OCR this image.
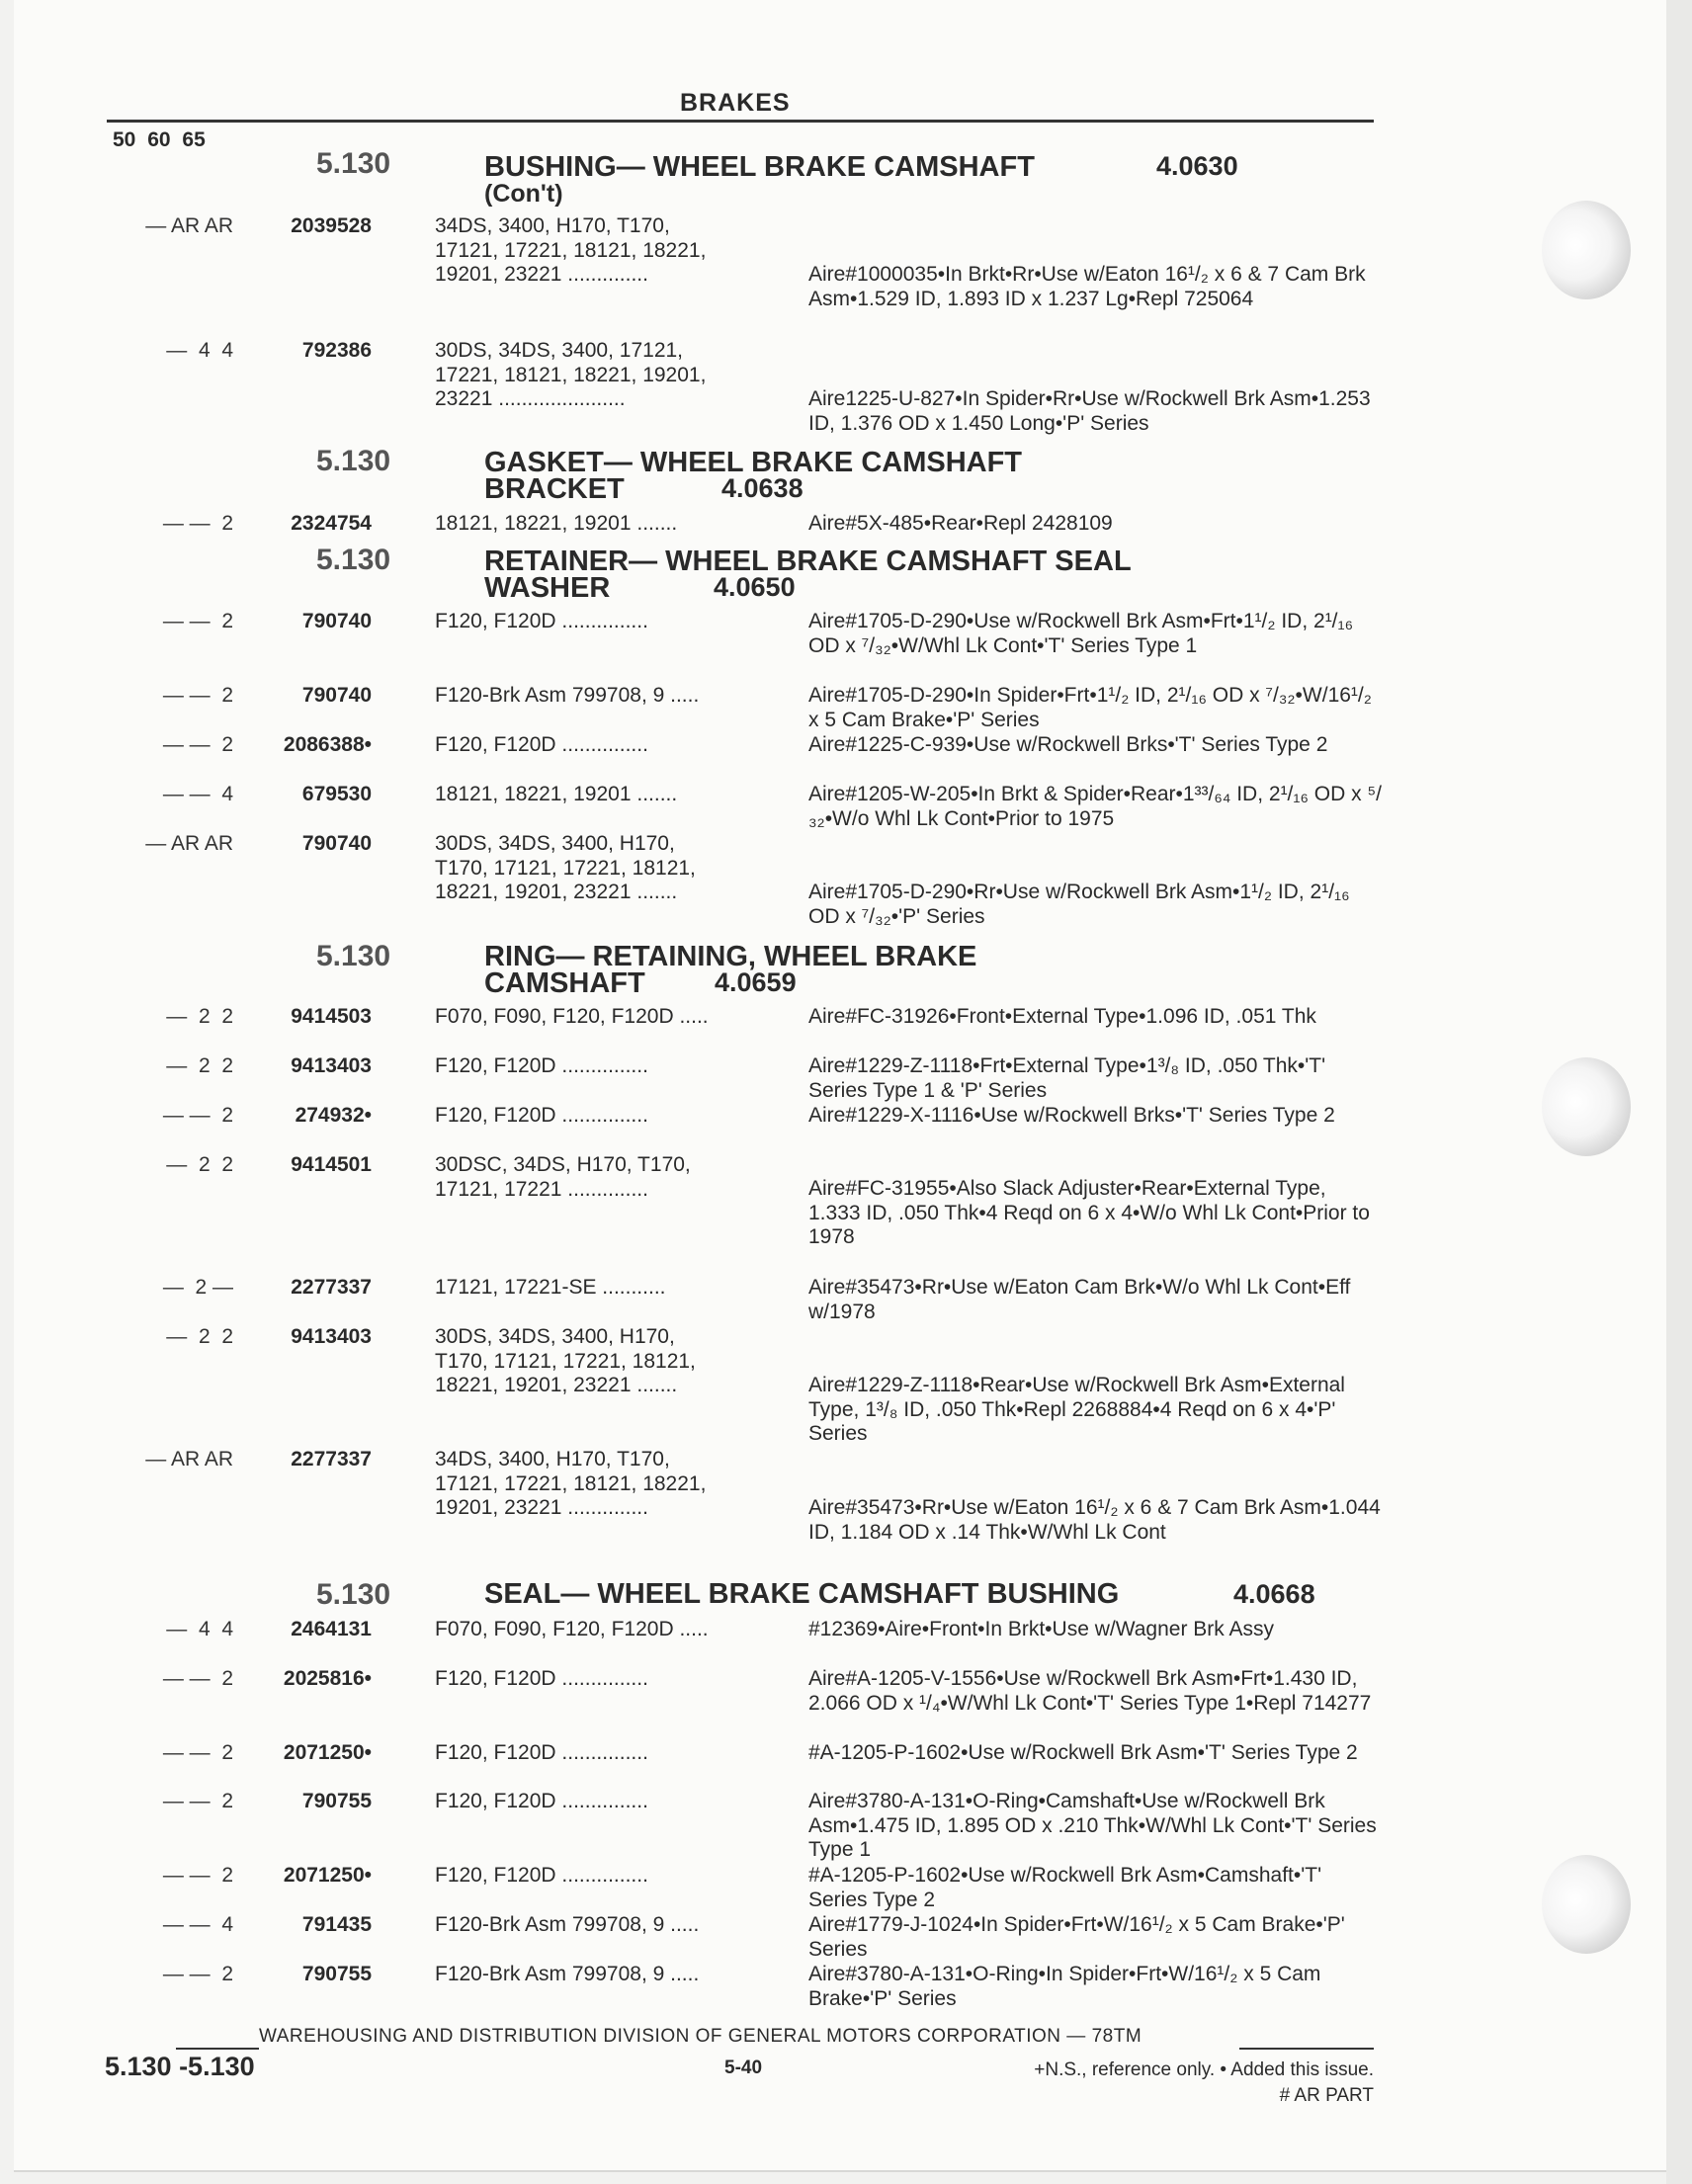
BRAKES
50 60 65
5.130	BUSHING— WHEEL BRAKE CAMSHAFT
(Con't)
4.0630
— AR AR	2039528	34DS, 3400, H170, T170,
17121, 17221, 18121, 18221,
19201, 23221 ..............	Aire#1000035•In Brkt•Rr•Use w/Eaton 16¹/₂ x 6 & 7 Cam Brk Asm•1.529 ID, 1.893 ID x 1.237 Lg•Repl 725064
—  4  4	792386	30DS, 34DS, 3400, 17121,
17221, 18121, 18221, 19201,
23221 ......................	Aire1225-U-827•In Spider•Rr•Use w/Rockwell Brk Asm•1.253 ID, 1.376 OD x 1.450 Long•'P' Series
5.130	GASKET— WHEEL BRAKE CAMSHAFT
BRACKET	4.0638
— —  2	2324754	18121, 18221, 19201 .......	Aire#5X-485•Rear•Repl 2428109
5.130	RETAINER— WHEEL BRAKE CAMSHAFT SEAL
WASHER	4.0650
— —  2	790740	F120, F120D ...............	Aire#1705-D-290•Use w/Rockwell Brk Asm•Frt•1¹/₂ ID, 2¹/₁₆ OD x ⁷/₃₂•W/Whl Lk Cont•'T' Series Type 1
— —  2	790740	F120-Brk Asm 799708, 9 .....	Aire#1705-D-290•In Spider•Frt•1¹/₂ ID, 2¹/₁₆ OD x ⁷/₃₂•W/16¹/₂ x 5 Cam Brake•'P' Series
— —  2	2086388•	F120, F120D ...............	Aire#1225-C-939•Use w/Rockwell Brks•'T' Series Type 2
— —  4	679530	18121, 18221, 19201 .......	Aire#1205-W-205•In Brkt & Spider•Rear•1³³/₆₄ ID, 2¹/₁₆ OD x ⁵/₃₂•W/o Whl Lk Cont•Prior to 1975
— AR AR	790740	30DS, 34DS, 3400, H170,
T170, 17121, 17221, 18121,
18221, 19201, 23221 .......	Aire#1705-D-290•Rr•Use w/Rockwell Brk Asm•1¹/₂ ID, 2¹/₁₆ OD x ⁷/₃₂•'P' Series
5.130	RING— RETAINING, WHEEL BRAKE
CAMSHAFT	4.0659
—  2  2	9414503	F070, F090, F120, F120D .....	Aire#FC-31926•Front•External Type•1.096 ID, .051 Thk
—  2  2	9413403	F120, F120D ...............	Aire#1229-Z-1118•Frt•External Type•1³/₈ ID, .050 Thk•'T' Series Type 1 & 'P' Series
— —  2	274932•	F120, F120D ...............	Aire#1229-X-1116•Use w/Rockwell Brks•'T' Series Type 2
—  2  2	9414501	30DSC, 34DS, H170, T170,
17121, 17221 ..............	Aire#FC-31955•Also Slack Adjuster•Rear•External Type, 1.333 ID, .050 Thk•4 Reqd on 6 x 4•W/o Whl Lk Cont•Prior to 1978
—  2 —	2277337	17121, 17221-SE ...........	Aire#35473•Rr•Use w/Eaton Cam Brk•W/o Whl Lk Cont•Eff w/1978
—  2  2	9413403	30DS, 34DS, 3400, H170,
T170, 17121, 17221, 18121,
18221, 19201, 23221 .......	Aire#1229-Z-1118•Rear•Use w/Rockwell Brk Asm•External Type, 1³/₈ ID, .050 Thk•Repl 2268884•4 Reqd on 6 x 4•'P' Series
— AR AR	2277337	34DS, 3400, H170, T170,
17121, 17221, 18121, 18221,
19201, 23221 ..............	Aire#35473•Rr•Use w/Eaton 16¹/₂ x 6 & 7 Cam Brk Asm•1.044 ID, 1.184 OD x .14 Thk•W/Whl Lk Cont
5.130	SEAL— WHEEL BRAKE CAMSHAFT BUSHING	4.0668
—  4  4	2464131	F070, F090, F120, F120D .....	#12369•Aire•Front•In Brkt•Use w/Wagner Brk Assy
— —  2	2025816•	F120, F120D ...............	Aire#A-1205-V-1556•Use w/Rockwell Brk Asm•Frt•1.430 ID, 2.066 OD x ¹/₄•W/Whl Lk Cont•'T' Series Type 1•Repl 714277
— —  2	2071250•	F120, F120D ...............	#A-1205-P-1602•Use w/Rockwell Brk Asm•'T' Series Type 2
— —  2	790755	F120, F120D ...............	Aire#3780-A-131•O-Ring•Camshaft•Use w/Rockwell Brk Asm•1.475 ID, 1.895 OD x .210 Thk•W/Whl Lk Cont•'T' Series Type 1
— —  2	2071250•	F120, F120D ...............	#A-1205-P-1602•Use w/Rockwell Brk Asm•Camshaft•'T' Series Type 2
— —  4	791435	F120-Brk Asm 799708, 9 .....	Aire#1779-J-1024•In Spider•Frt•W/16¹/₂ x 5 Cam Brake•'P' Series
— —  2	790755	F120-Brk Asm 799708, 9 .....	Aire#3780-A-131•O-Ring•In Spider•Frt•W/16¹/₂ x 5 Cam Brake•'P' Series
WAREHOUSING AND DISTRIBUTION DIVISION OF GENERAL MOTORS CORPORATION — 78TM
5.130 -5.130	5-40	+N.S., reference only. • Added this issue.
# AR PART
